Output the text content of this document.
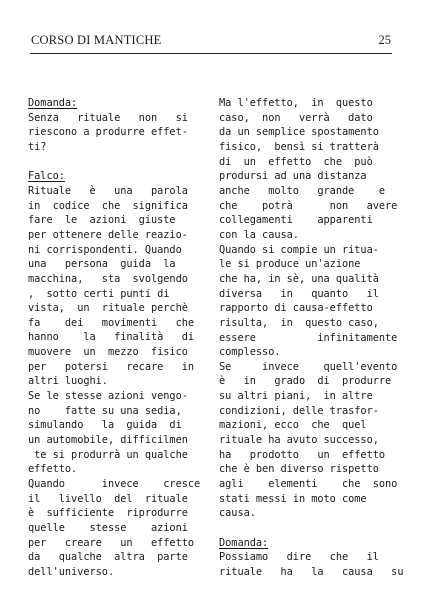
CORSO DI MANTICHE	25

Domanda:

Senza   rituale   non   si

riescono a produrre effet-

ti?

Falco:

Rituale   è   una   parola

in  codice  che  significa

fare  le  azioni  giuste

per ottenere delle reazio-

ni corrispondenti. Quando

una   persona  guida  la

macchina,   sta  svolgendo

,  sotto certi punti di

vista,  un  rituale perchè

fa    dei   movimenti   che

hanno    la   finalità   di

muovere  un  mezzo  fisico

per   potersi   recare   in

altri luoghi.

Se le stesse azioni vengo-

no    fatte su una sedia,

simulando   la  guida  di

un automobile, difficilmen

te si produrrà un qualche

effetto.

Quando      invece    cresce

il   livello  del  rituale

è  sufficiente  riprodurre

quelle    stesse    azioni

per   creare   un   effetto

da   qualche  altra  parte

dell'universo.

Ma l'effetto,  in  questo

caso,  non   verrà   dato

da un semplice spostamento

fisico,  bensì si tratterà

di  un  effetto  che  può

prodursi ad una distanza

anche   molto   grande    e

che    potrà      non   avere

collegamenti    apparenti

con la causa.

Quando si compie un ritua-

le si produce un'azione

che ha, in sè, una qualità

diversa   in   quanto   il

rapporto di causa-effetto

risulta,  in  questo caso,

essere          infinitamente

complesso.

Se     invece    quell'evento

è   in   grado  di  produrre

su altri piani,  in altre

condizioni, delle trasfor-

mazioni, ecco  che  quel

rituale ha avuto successo,

ha   prodotto   un  effetto

che è ben diverso rispetto

agli    elementi    che  sono

stati messi in moto come

causa.

Domanda:

Possiamo   dire   che   il

rituale   ha   la   causa   su
